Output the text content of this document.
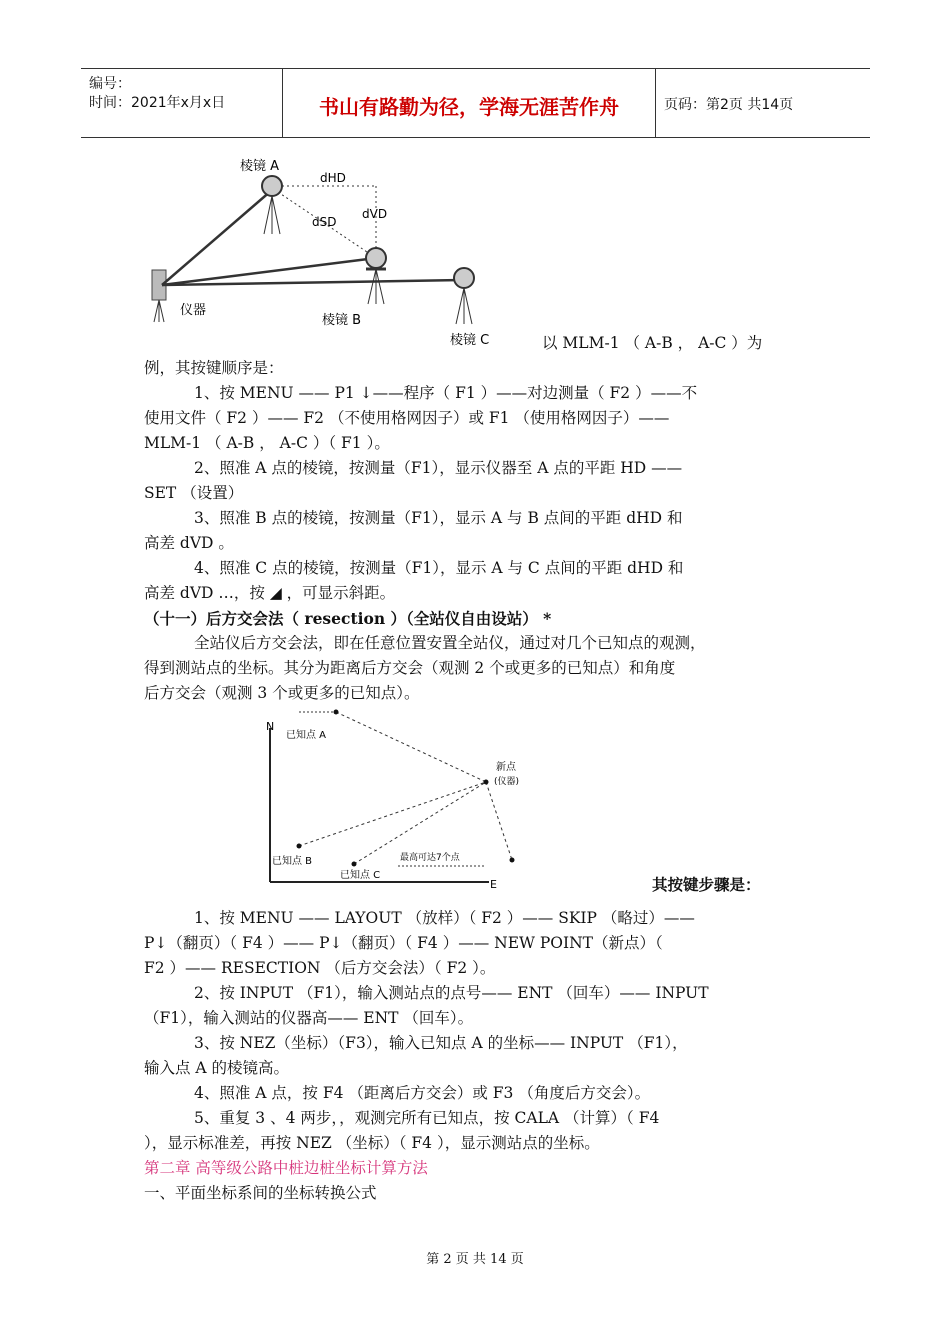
编号：
时间：2021年x月x日	书山有路勤为径，学海无涯苦作舟	页码：第2页 共14页
棱镜 A
dHD
dSD
dVD
仪器
棱镜 B
棱镜 C	以 MLM-1 （ A-B ， A-C ）为
例，其按键顺序是：
1、按 MENU —— P1 ↓——程序（ F1 ）——对边测量（ F2 ）——不
使用文件（ F2 ）—— F2 （不使用格网因子）或 F1 （使用格网因子）——
MLM-1 （ A-B ， A-C ）（ F1 ）。
2、照准 A 点的棱镜，按测量（F1），显示仪器至 A 点的平距 HD ——
SET （设置）
3、照准 B 点的棱镜，按测量（F1），显示 A 与 B 点间的平距 dHD 和
高差 dVD 。
4、照准 C 点的棱镜，按测量（F1），显示 A 与 C 点间的平距 dHD 和
高差 dVD …，按 ◢ ，可显示斜距。
（十一）后方交会法（ resection ）（全站仪自由设站） *
全站仪后方交会法，即在任意位置安置全站仪，通过对几个已知点的观测，
得到测站点的坐标。其分为距离后方交会（观测 2 个或更多的已知点）和角度
后方交会（观测 3 个或更多的已知点）。
N
E
已知点 A
已知点 B
已知点 C
新点
(仪器)
最高可达7个点
其按键步骤是：
1、按 MENU —— LAYOUT （放样）（ F2 ）—— SKIP （略过）——
P↓（翻页）（ F4 ）—— P↓（翻页）（ F4 ）—— NEW POINT（新点）（
F2 ）—— RESECTION （后方交会法）（ F2 ）。
2、按 INPUT （F1），输入测站点的点号—— ENT （回车）—— INPUT
（F1），输入测站的仪器高—— ENT （回车）。
3、按 NEZ（坐标）（F3），输入已知点 A 的坐标—— INPUT （F1），
输入点 A 的棱镜高。
4、照准 A 点，按 F4 （距离后方交会）或 F3 （角度后方交会）。
5、重复 3 、4 两步，，观测完所有已知点，按 CALA （计算）（ F4
），显示标准差，再按 NEZ （坐标）（ F4 ），显示测站点的坐标。
第二章 高等级公路中桩边桩坐标计算方法
一、平面坐标系间的坐标转换公式
第 2 页 共 14 页
